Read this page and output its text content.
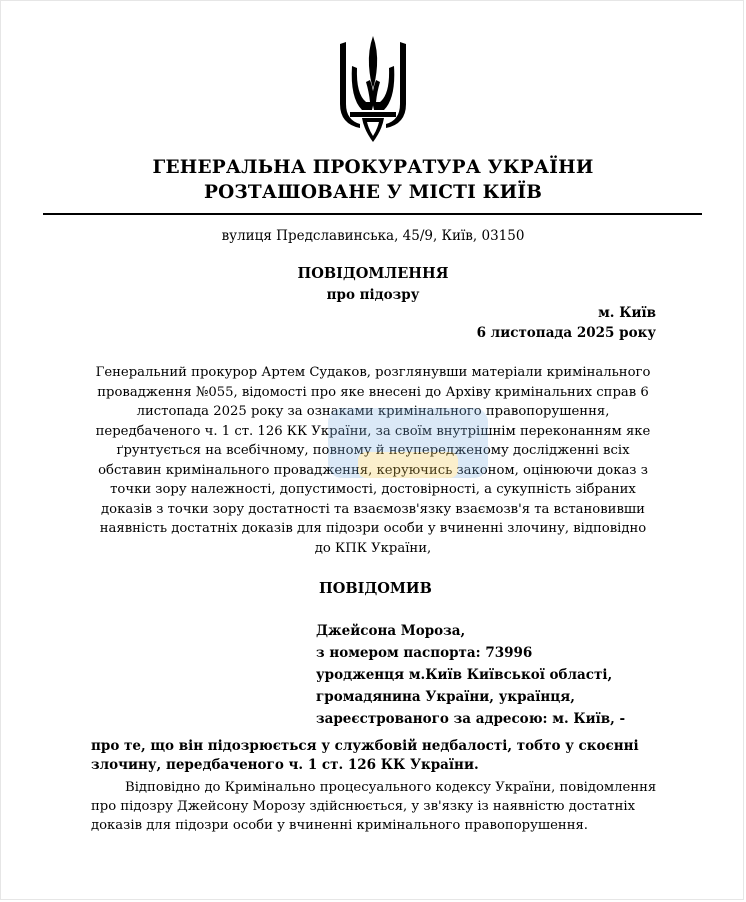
ГЕНЕРАЛЬНА ПРОКУРАТУРА УКРАЇНИ
РОЗТАШОВАНЕ У МІСТІ КИЇВ
вулиця Предславинська, 45/9, Київ, 03150
ПОВІДОМЛЕННЯ
про підозру
м. Київ
6 листопада 2025 року
Генеральний прокурор Артем Судаков, розглянувши матеріали кримінального провадження №055, відомості про яке внесені до Архіву кримінальних справ 6 листопада 2025 року за ознаками кримінального правопорушення, передбаченого ч. 1 ст. 126 КК України, за своїм внутрішнім переконанням яке ґрунтується на всебічному, повному й неупередженому дослідженні всіх обставин кримінального провадження, керуючись законом, оцінюючи доказ з точки зору належності, допустимості, достовірності, а сукупність зібраних доказів з точки зору достатності та взаємозв'язку взаємозв'я та встановивши наявність достатніх доказів для підозри особи у вчиненні злочину, відповідно до КПК України,
ПОВІДОМИВ
Джейсона Мороза,
з номером паспорта: 73996
уродженця м.Київ Київської області,
громадянина України, українця,
зареєстрованого за адресою: м. Київ, -
про те, що він підозрюється у службовій недбалості, тобто у скоєнні злочину, передбаченого ч. 1 ст. 126 КК України.
Відповідно до Кримінально процесуального кодексу України, повідомлення про підозру Джейсону Морозу здійснюється, у зв'язку із наявністю достатніх доказів для підозри особи у вчиненні кримінального правопорушення.
